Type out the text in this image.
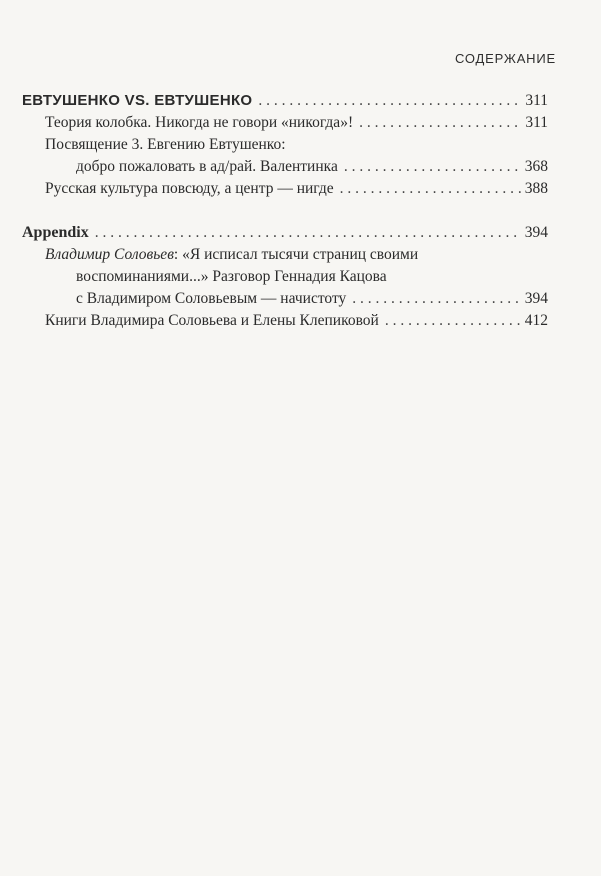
СОДЕРЖАНИЕ
ЕВТУШЕНКО VS. ЕВТУШЕНКО . . .	311
Теория колобка. Никогда не говори «никогда»! . . .	311
Посвящение 3. Евгению Евтушенко:
добро пожаловать в ад/рай. Валентинка . . .	368
Русская культура повсюду, а центр — нигде . . .	388
Appendix . . .	394
Владимир Соловьев: «Я исписал тысячи страниц своими
воспоминаниями...» Разговор Геннадия Кацова
с Владимиром Соловьевым — начистоту . . .	394
Книги Владимира Соловьева и Елены Клепиковой . . .	412
